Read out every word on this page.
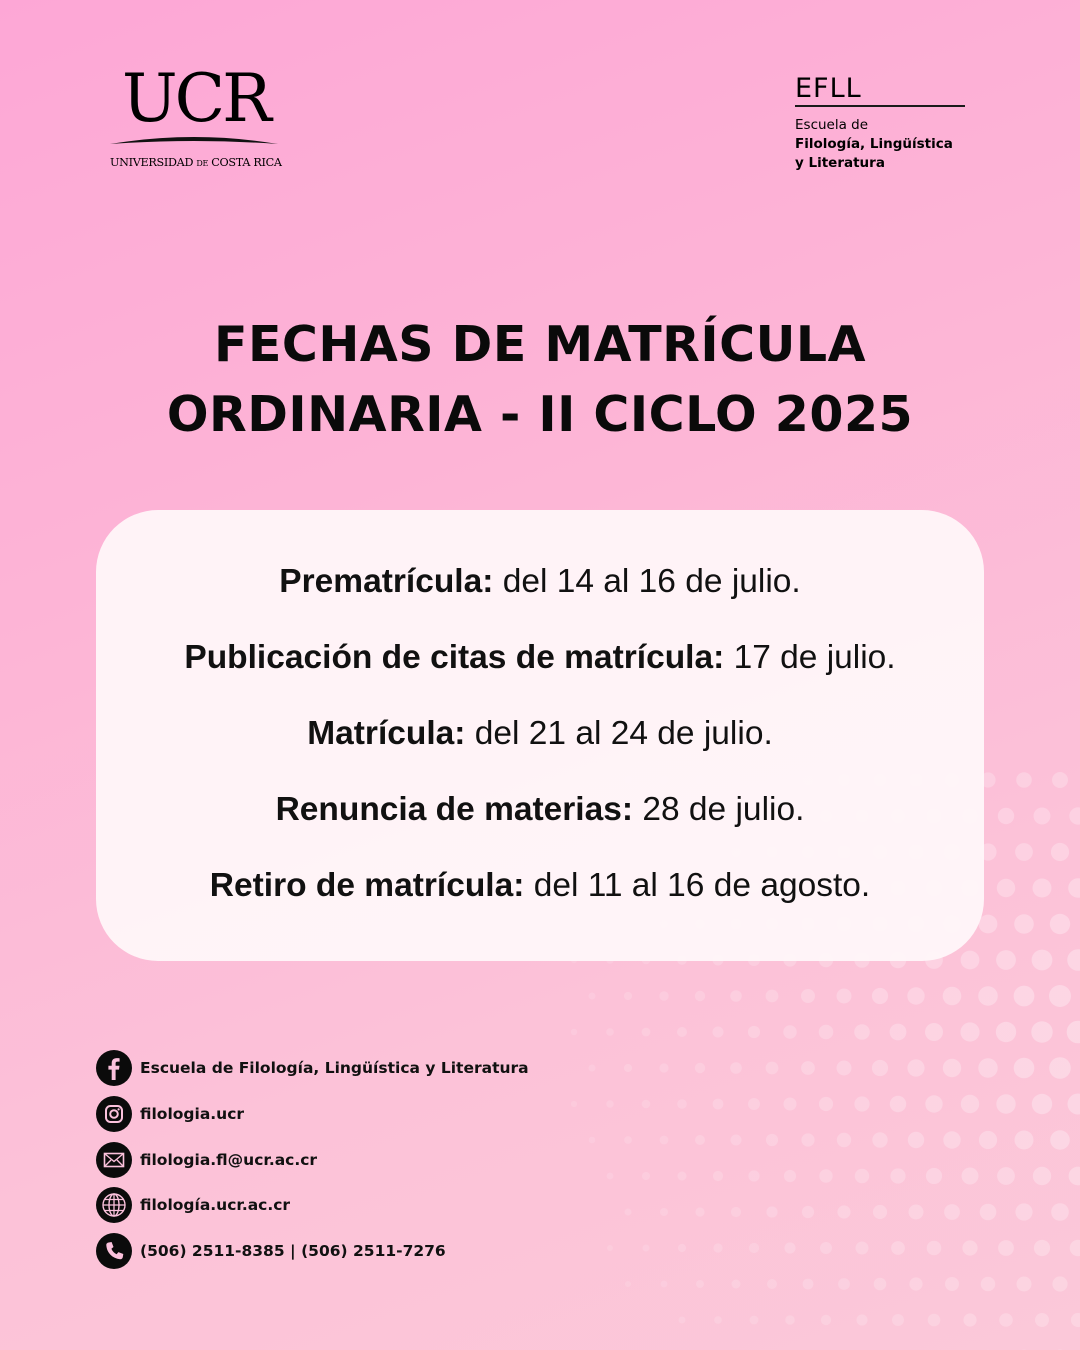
UCR
UNIVERSIDAD DE COSTA RICA
EFLL
Escuela de
Filología, Lingüística
y Literatura
FECHAS DE MATRÍCULA
ORDINARIA - II CICLO 2025
Prematrícula: del 14 al 16 de julio.
Publicación de citas de matrícula: 17 de julio.
Matrícula: del 21 al 24 de julio.
Renuncia de materias: 28 de julio.
Retiro de matrícula: del 11 al 16 de agosto.
Escuela de Filología, Lingüística y Literatura
filologia.ucr
filologia.fl@ucr.ac.cr
filología.ucr.ac.cr
(506) 2511-8385 | (506) 2511-7276
